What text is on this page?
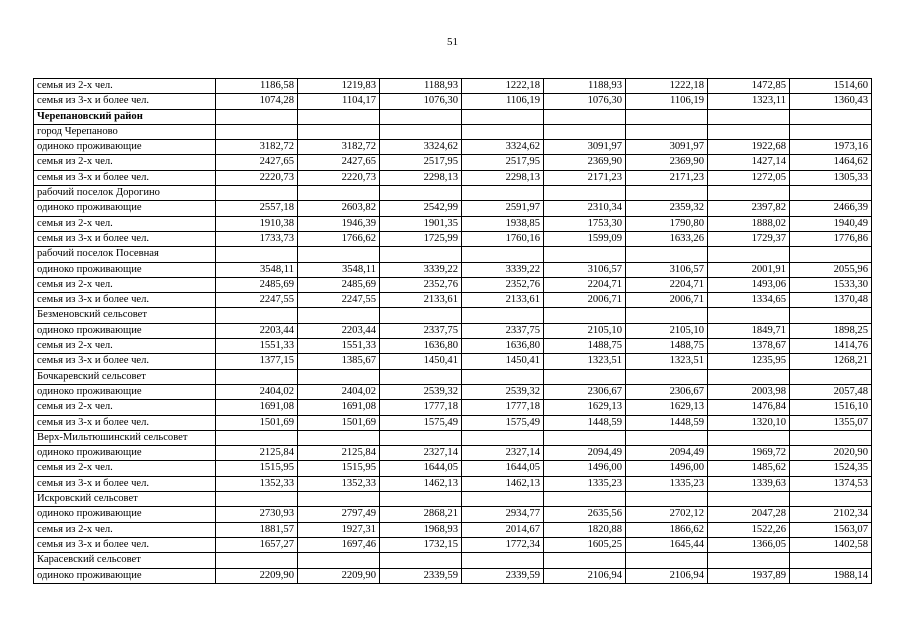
51
семья из 2-х чел.	1186,58	1219,83	1188,93	1222,18	1188,93	1222,18	1472,85	1514,60
семья из 3-х и более чел.	1074,28	1104,17	1076,30	1106,19	1076,30	1106,19	1323,11	1360,43
Черепановский район								
город Черепаново								
одиноко проживающие	3182,72	3182,72	3324,62	3324,62	3091,97	3091,97	1922,68	1973,16
семья из 2-х чел.	2427,65	2427,65	2517,95	2517,95	2369,90	2369,90	1427,14	1464,62
семья из 3-х и более чел.	2220,73	2220,73	2298,13	2298,13	2171,23	2171,23	1272,05	1305,33
рабочий поселок Дорогино								
одиноко проживающие	2557,18	2603,82	2542,99	2591,97	2310,34	2359,32	2397,82	2466,39
семья из 2-х чел.	1910,38	1946,39	1901,35	1938,85	1753,30	1790,80	1888,02	1940,49
семья из 3-х и более чел.	1733,73	1766,62	1725,99	1760,16	1599,09	1633,26	1729,37	1776,86
рабочий поселок Посевная								
одиноко проживающие	3548,11	3548,11	3339,22	3339,22	3106,57	3106,57	2001,91	2055,96
семья из 2-х чел.	2485,69	2485,69	2352,76	2352,76	2204,71	2204,71	1493,06	1533,30
семья из 3-х и более чел.	2247,55	2247,55	2133,61	2133,61	2006,71	2006,71	1334,65	1370,48
Безменовский сельсовет								
одиноко проживающие	2203,44	2203,44	2337,75	2337,75	2105,10	2105,10	1849,71	1898,25
семья из 2-х чел.	1551,33	1551,33	1636,80	1636,80	1488,75	1488,75	1378,67	1414,76
семья из 3-х и более чел.	1377,15	1385,67	1450,41	1450,41	1323,51	1323,51	1235,95	1268,21
Бочкаревский сельсовет								
одиноко проживающие	2404,02	2404,02	2539,32	2539,32	2306,67	2306,67	2003,98	2057,48
семья из 2-х чел.	1691,08	1691,08	1777,18	1777,18	1629,13	1629,13	1476,84	1516,10
семья из 3-х и более чел.	1501,69	1501,69	1575,49	1575,49	1448,59	1448,59	1320,10	1355,07
Верх-Мильтюшинский сельсовет								
одиноко проживающие	2125,84	2125,84	2327,14	2327,14	2094,49	2094,49	1969,72	2020,90
семья из 2-х чел.	1515,95	1515,95	1644,05	1644,05	1496,00	1496,00	1485,62	1524,35
семья из 3-х и более чел.	1352,33	1352,33	1462,13	1462,13	1335,23	1335,23	1339,63	1374,53
Искровский сельсовет								
одиноко проживающие	2730,93	2797,49	2868,21	2934,77	2635,56	2702,12	2047,28	2102,34
семья из 2-х чел.	1881,57	1927,31	1968,93	2014,67	1820,88	1866,62	1522,26	1563,07
семья из 3-х и более чел.	1657,27	1697,46	1732,15	1772,34	1605,25	1645,44	1366,05	1402,58
Карасевский сельсовет								
одиноко проживающие	2209,90	2209,90	2339,59	2339,59	2106,94	2106,94	1937,89	1988,14
